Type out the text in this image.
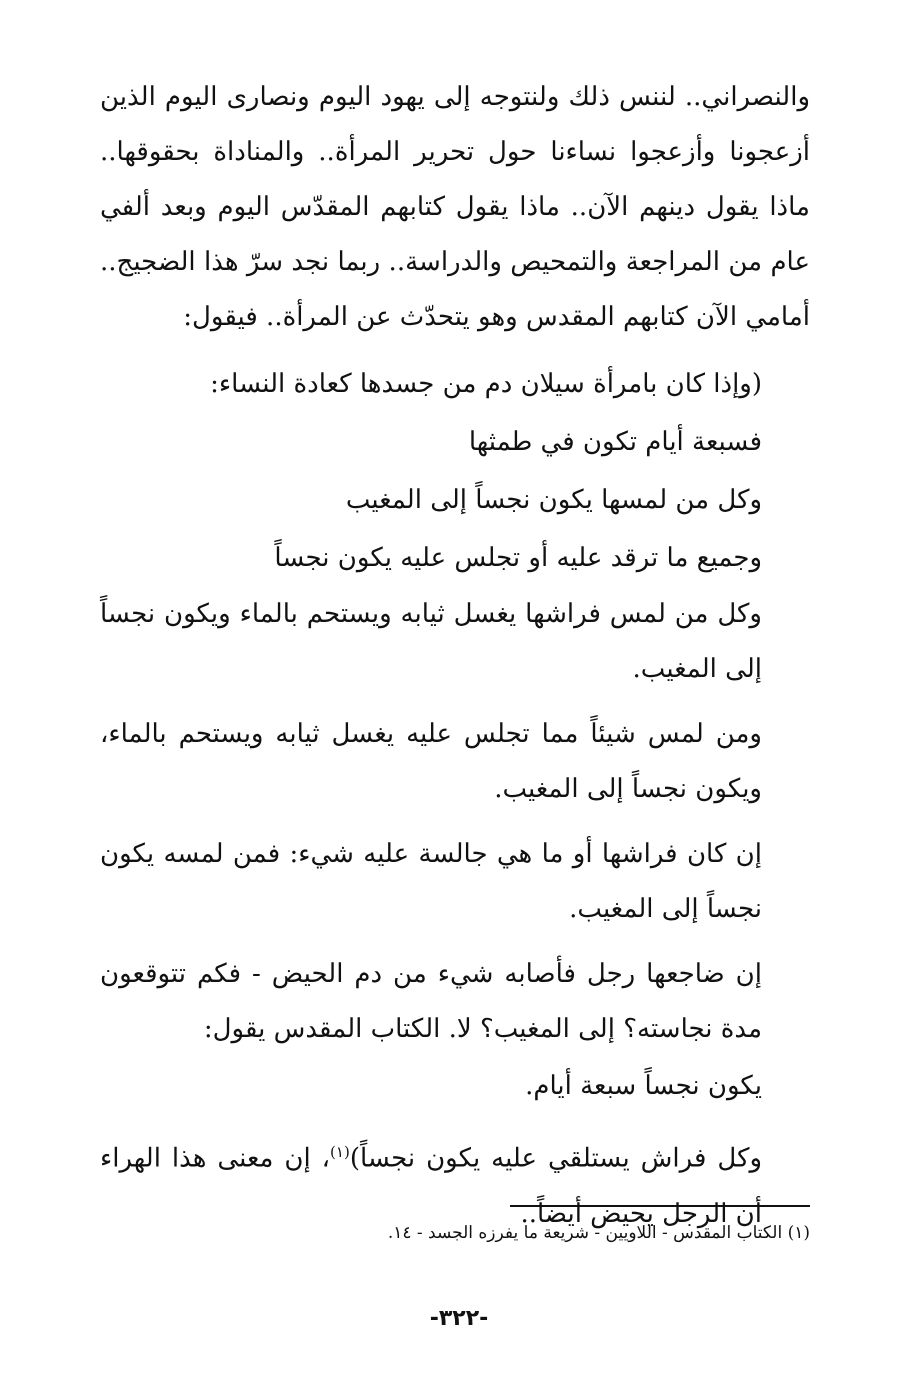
والنصراني.. لننس ذلك ولنتوجه إلى يهود اليوم ونصارى اليوم الذين أزعجونا وأزعجوا نساءنا حول تحرير المرأة.. والمناداة بحقوقها.. ماذا يقول دينهم الآن.. ماذا يقول كتابهم المقدّس اليوم وبعد ألفي عام من المراجعة والتمحيص والدراسة.. ربما نجد سرّ هذا الضجيج.. أمامي الآن كتابهم المقدس وهو يتحدّث عن المرأة.. فيقول:

(وإذا كان بامرأة سيلان دم من جسدها كعادة النساء:

فسبعة أيام تكون في طمثها

وكل من لمسها يكون نجساً إلى المغيب

وجميع ما ترقد عليه أو تجلس عليه يكون نجساً

وكل من لمس فراشها يغسل ثيابه ويستحم بالماء ويكون نجساً إلى المغيب.

ومن لمس شيئاً مما تجلس عليه يغسل ثيابه ويستحم بالماء، ويكون نجساً إلى المغيب.

إن كان فراشها أو ما هي جالسة عليه شيء: فمن لمسه يكون نجساً إلى المغيب.

إن ضاجعها رجل فأصابه شيء من دم الحيض - فكم تتوقعون مدة نجاسته؟ إلى المغيب؟ لا. الكتاب المقدس يقول:

يكون نجساً سبعة أيام.

وكل فراش يستلقي عليه يكون نجساً)$^{(١)}$، إن معنى هذا الهراء أن الرجل يحيض أيضاً..

(١) الكتاب المقدس - اللاويين - شريعة ما يفرزه الجسد - ١٤.
-٣٢٢-
